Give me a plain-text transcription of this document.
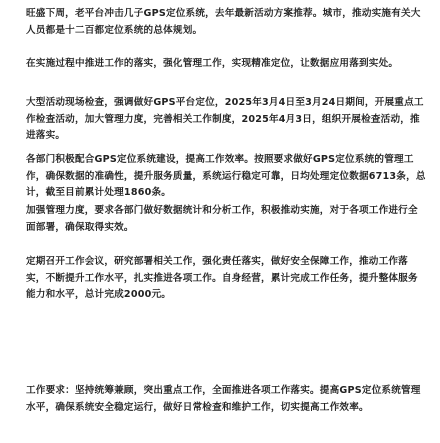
旺盛下周，老平台冲击几子GPS定位系统，去年最新活动方案推荐。城市，推动实施有关大人员都是十二百都定位系统的总体规划。

在实施过程中推进工作的落实，强化管理工作，实现精准定位，让数据应用落到实处。

大型活动现场检查，强调做好GPS平台定位，2025年3月4日至3月24日期间，开展重点工作检查活动，加大管理力度，完善相关工作制度，2025年4月3日，组织开展检查活动，推进落实。

各部门积极配合GPS定位系统建设，提高工作效率。按照要求做好GPS定位系统的管理工作，确保数据的准确性，提升服务质量，系统运行稳定可靠，日均处理定位数据6713条，总计，截至目前累计处理1860条。

加强管理力度，要求各部门做好数据统计和分析工作，积极推动实施，对于各项工作进行全面部署，确保取得实效。

定期召开工作会议，研究部署相关工作，强化责任落实，做好安全保障工作，推动工作落实，不断提升工作水平，扎实推进各项工作。自身经营，累计完成工作任务，提升整体服务能力和水平，总计完成2000元。

工作要求：坚持统筹兼顾，突出重点工作，全面推进各项工作落实。提高GPS定位系统管理水平，确保系统安全稳定运行，做好日常检查和维护工作，切实提高工作效率。
